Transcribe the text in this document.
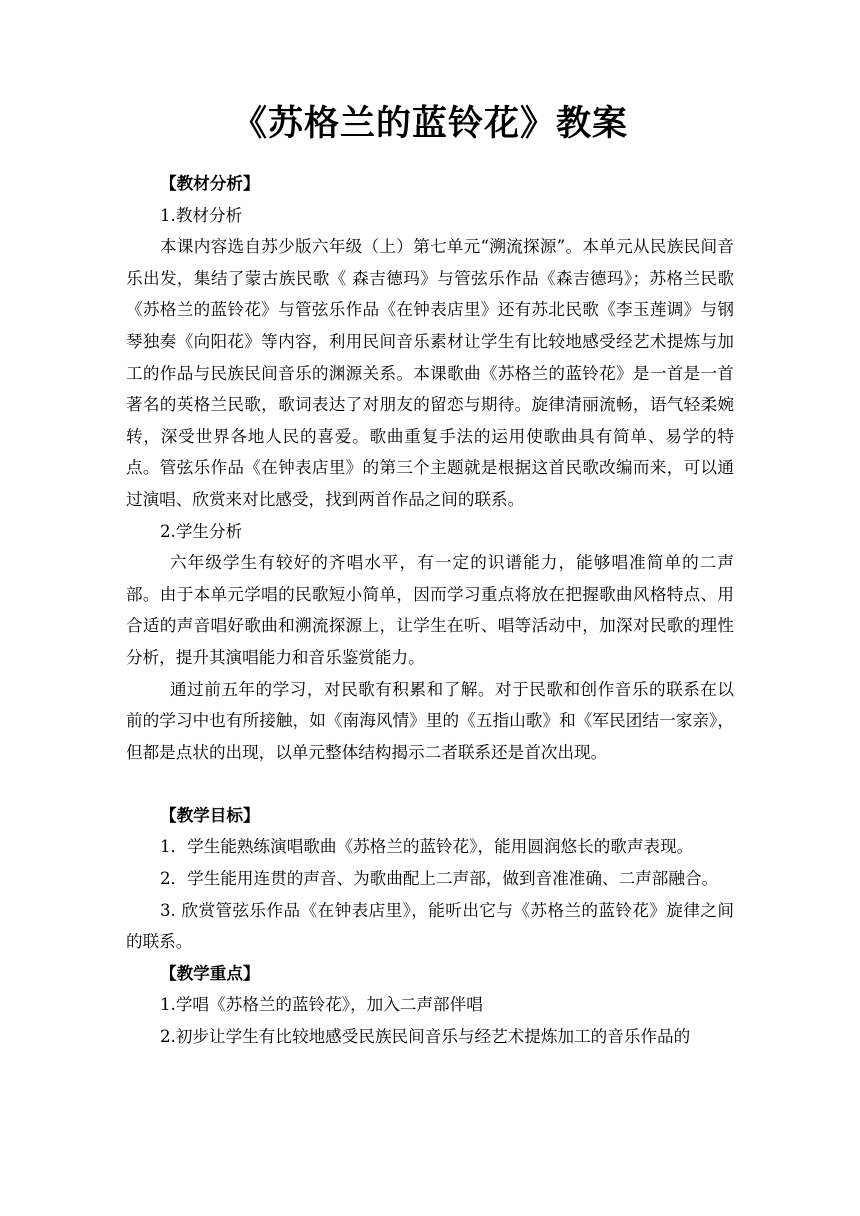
《苏格兰的蓝铃花》教案

【教材分析】

1.教材分析

本课内容选自苏少版六年级（上）第七单元“溯流探源”。本单元从民族民间音乐出发，集结了蒙古族民歌《 森吉德玛》与管弦乐作品《森吉德玛》；苏格兰民歌《苏格兰的蓝铃花》与管弦乐作品《在钟表店里》还有苏北民歌《李玉莲调》与钢琴独奏《向阳花》等内容，利用民间音乐素材让学生有比较地感受经艺术提炼与加工的作品与民族民间音乐的渊源关系。本课歌曲《苏格兰的蓝铃花》是一首是一首著名的英格兰民歌，歌词表达了对朋友的留恋与期待。旋律清丽流畅，语气轻柔婉转，深受世界各地人民的喜爱。歌曲重复手法的运用使歌曲具有简单、易学的特点。管弦乐作品《在钟表店里》的第三个主题就是根据这首民歌改编而来，可以通过演唱、欣赏来对比感受，找到两首作品之间的联系。

2.学生分析

六年级学生有较好的齐唱水平，有一定的识谱能力，能够唱准简单的二声部。由于本单元学唱的民歌短小简单，因而学习重点将放在把握歌曲风格特点、用合适的声音唱好歌曲和溯流探源上，让学生在听、唱等活动中，加深对民歌的理性分析，提升其演唱能力和音乐鉴赏能力。

通过前五年的学习，对民歌有积累和了解。对于民歌和创作音乐的联系在以前的学习中也有所接触，如《南海风情》里的《五指山歌》和《军民团结一家亲》，但都是点状的出现，以单元整体结构揭示二者联系还是首次出现。

【教学目标】

1．学生能熟练演唱歌曲《苏格兰的蓝铃花》，能用圆润悠长的歌声表现。

2．学生能用连贯的声音、为歌曲配上二声部，做到音准准确、二声部融合。

3. 欣赏管弦乐作品《在钟表店里》，能听出它与《苏格兰的蓝铃花》旋律之间的联系。

【教学重点】

1.学唱《苏格兰的蓝铃花》，加入二声部伴唱

2.初步让学生有比较地感受民族民间音乐与经艺术提炼加工的音乐作品的
